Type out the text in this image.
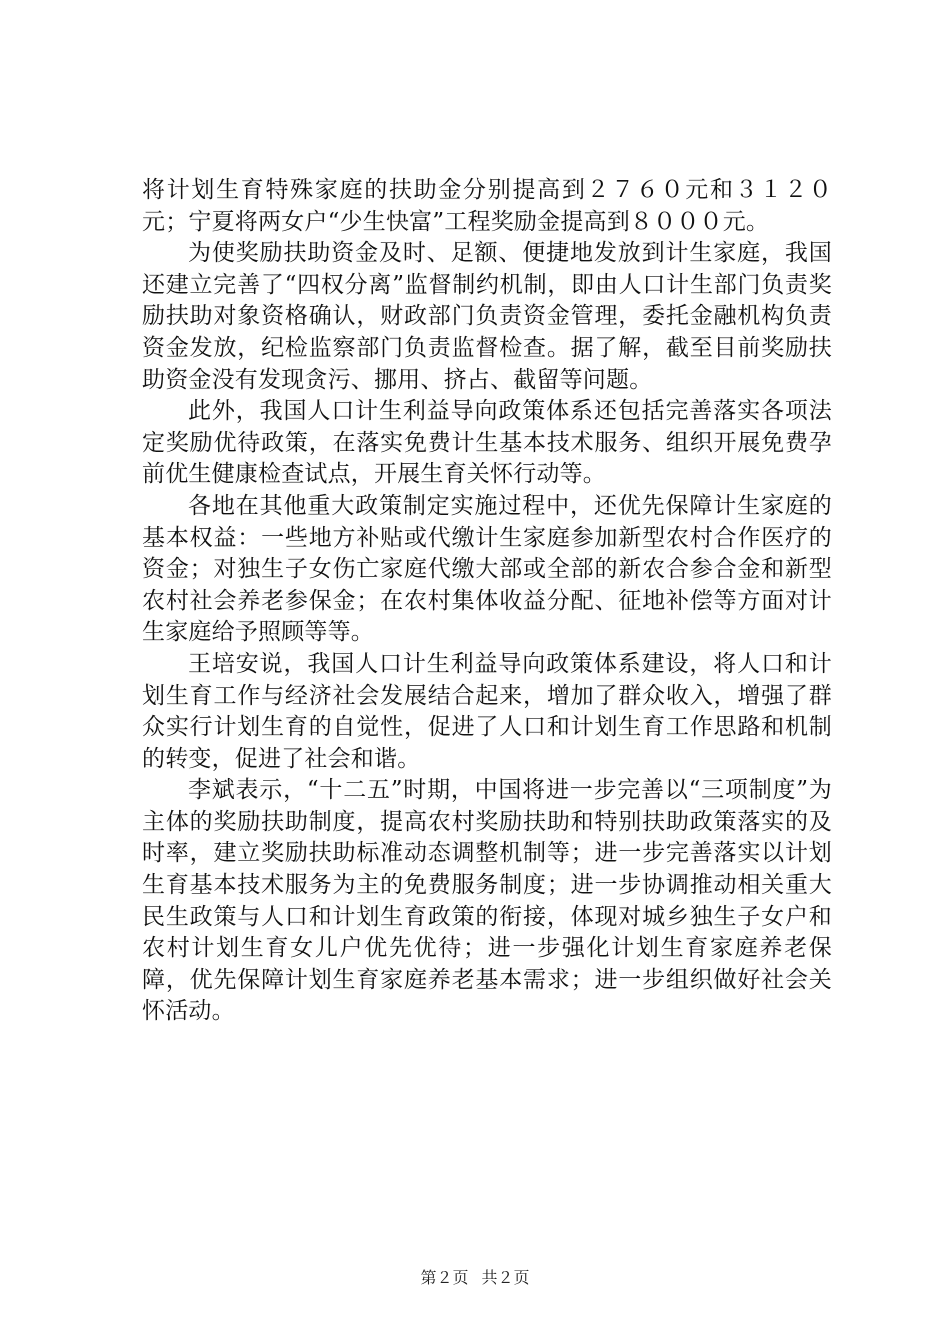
将计划生育特殊家庭的扶助金分别提高到２７６０元和３１２０元；宁夏将两女户“少生快富”工程奖励金提高到８０００元。

为使奖励扶助资金及时、足额、便捷地发放到计生家庭，我国还建立完善了“四权分离”监督制约机制，即由人口计生部门负责奖励扶助对象资格确认，财政部门负责资金管理，委托金融机构负责资金发放，纪检监察部门负责监督检查。据了解，截至目前奖励扶助资金没有发现贪污、挪用、挤占、截留等问题。

此外，我国人口计生利益导向政策体系还包括完善落实各项法定奖励优待政策，在落实免费计生基本技术服务、组织开展免费孕前优生健康检查试点，开展生育关怀行动等。

各地在其他重大政策制定实施过程中，还优先保障计生家庭的基本权益：一些地方补贴或代缴计生家庭参加新型农村合作医疗的资金；对独生子女伤亡家庭代缴大部或全部的新农合参合金和新型农村社会养老参保金；在农村集体收益分配、征地补偿等方面对计生家庭给予照顾等等。

王培安说，我国人口计生利益导向政策体系建设，将人口和计划生育工作与经济社会发展结合起来，增加了群众收入，增强了群众实行计划生育的自觉性，促进了人口和计划生育工作思路和机制的转变，促进了社会和谐。

李斌表示，“十二五”时期，中国将进一步完善以“三项制度”为主体的奖励扶助制度，提高农村奖励扶助和特别扶助政策落实的及时率，建立奖励扶助标准动态调整机制等；进一步完善落实以计划生育基本技术服务为主的免费服务制度；进一步协调推动相关重大民生政策与人口和计划生育政策的衔接，体现对城乡独生子女户和农村计划生育女儿户优先优待；进一步强化计划生育家庭养老保障，优先保障计划生育家庭养老基本需求；进一步组织做好社会关怀活动。

第２页 共２页
